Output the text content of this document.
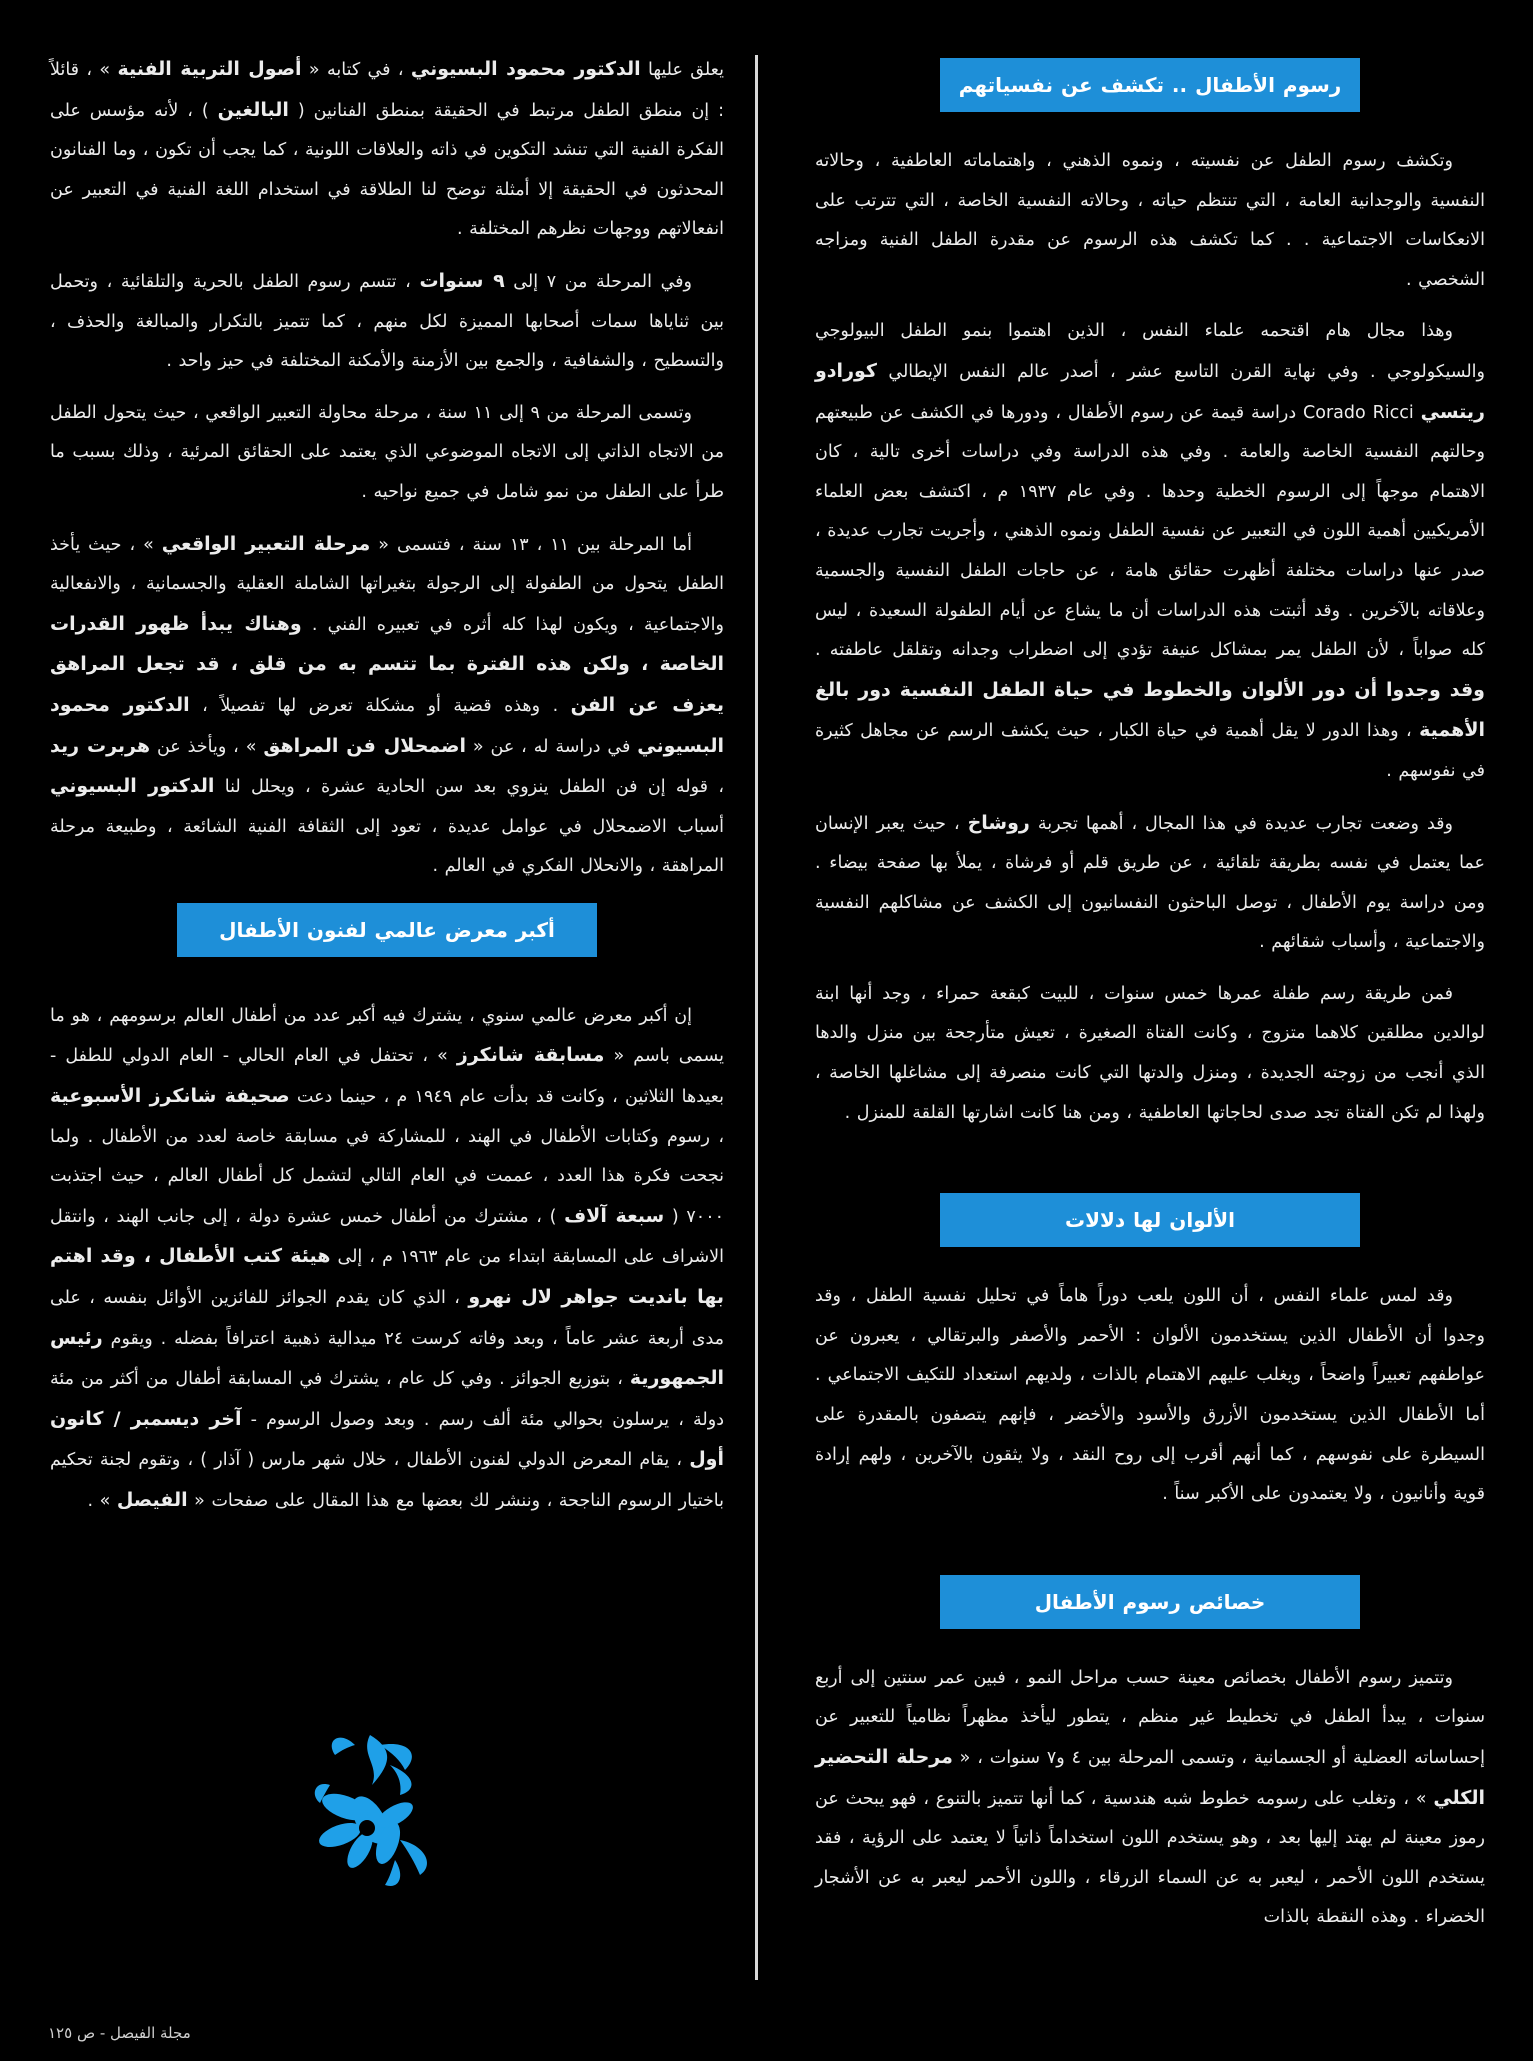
رسوم الأطفال .. تكشف عن نفسياتهم

وتكشف رسوم الطفل عن نفسيته ، ونموه الذهني ، واهتماماته العاطفية ، وحالاته النفسية والوجدانية العامة ، التي تنتظم حياته ، وحالاته النفسية الخاصة ، التي تترتب على الانعكاسات الاجتماعية . . كما تكشف هذه الرسوم عن مقدرة الطفل الفنية ومزاجه الشخصي .

وهذا مجال هام اقتحمه علماء النفس ، الذين اهتموا بنمو الطفل البيولوجي والسيكولوجي . وفي نهاية القرن التاسع عشر ، أصدر عالم النفس الإيطالي كورادو ريتسي Corado Ricci دراسة قيمة عن رسوم الأطفال ، ودورها في الكشف عن طبيعتهم وحالتهم النفسية الخاصة والعامة . وفي هذه الدراسة وفي دراسات أخرى تالية ، كان الاهتمام موجهاً إلى الرسوم الخطية وحدها . وفي عام ١٩٣٧ م ، اكتشف بعض العلماء الأمريكيين أهمية اللون في التعبير عن نفسية الطفل ونموه الذهني ، وأجريت تجارب عديدة ، صدر عنها دراسات مختلفة أظهرت حقائق هامة ، عن حاجات الطفل النفسية والجسمية وعلاقاته بالآخرين . وقد أثبتت هذه الدراسات أن ما يشاع عن أيام الطفولة السعيدة ، ليس كله صواباً ، لأن الطفل يمر بمشاكل عنيفة تؤدي إلى اضطراب وجدانه وتقلقل عاطفته . وقد وجدوا أن دور الألوان والخطوط في حياة الطفل النفسية دور بالغ الأهمية ، وهذا الدور لا يقل أهمية في حياة الكبار ، حيث يكشف الرسم عن مجاهل كثيرة في نفوسهم .

وقد وضعت تجارب عديدة في هذا المجال ، أهمها تجربة روشاخ ، حيث يعبر الإنسان عما يعتمل في نفسه بطريقة تلقائية ، عن طريق قلم أو فرشاة ، يملأ بها صفحة بيضاء . ومن دراسة يوم الأطفال ، توصل الباحثون النفسانيون إلى الكشف عن مشاكلهم النفسية والاجتماعية ، وأسباب شقائهم .

فمن طريقة رسم طفلة عمرها خمس سنوات ، للبيت كبقعة حمراء ، وجد أنها ابنة لوالدين مطلقين كلاهما متزوج ، وكانت الفتاة الصغيرة ، تعيش متأرجحة بين منزل والدها الذي أنجب من زوجته الجديدة ، ومنزل والدتها التي كانت منصرفة إلى مشاغلها الخاصة ، ولهذا لم تكن الفتاة تجد صدى لحاجاتها العاطفية ، ومن هنا كانت اشارتها القلقة للمنزل .

الألوان لها دلالات

وقد لمس علماء النفس ، أن اللون يلعب دوراً هاماً في تحليل نفسية الطفل ، وقد وجدوا أن الأطفال الذين يستخدمون الألوان : الأحمر والأصفر والبرتقالي ، يعبرون عن عواطفهم تعبيراً واضحاً ، ويغلب عليهم الاهتمام بالذات ، ولديهم استعداد للتكيف الاجتماعي . أما الأطفال الذين يستخدمون الأزرق والأسود والأخضر ، فإنهم يتصفون بالمقدرة على السيطرة على نفوسهم ، كما أنهم أقرب إلى روح النقد ، ولا يثقون بالآخرين ، ولهم إرادة قوية وأنانيون ، ولا يعتمدون على الأكبر سناً .

خصائص رسوم الأطفال

وتتميز رسوم الأطفال بخصائص معينة حسب مراحل النمو ، فبين عمر سنتين إلى أربع سنوات ، يبدأ الطفل في تخطيط غير منظم ، يتطور ليأخذ مظهراً نظامياً للتعبير عن إحساساته العضلية أو الجسمانية ، وتسمى المرحلة بين ٤ و٧ سنوات ، « مرحلة التحضير الكلي » ، وتغلب على رسومه خطوط شبه هندسية ، كما أنها تتميز بالتنوع ، فهو يبحث عن رموز معينة لم يهتد إليها بعد ، وهو يستخدم اللون استخداماً ذاتياً لا يعتمد على الرؤية ، فقد يستخدم اللون الأحمر ، ليعبر به عن السماء الزرقاء ، واللون الأحمر ليعبر به عن الأشجار الخضراء . وهذه النقطة بالذات

يعلق عليها الدكتور محمود البسيوني ، في كتابه « أصول التربية الفنية » ، قائلاً : إن منطق الطفل مرتبط في الحقيقة بمنطق الفنانين ( البالغين ) ، لأنه مؤسس على الفكرة الفنية التي تنشد التكوين في ذاته والعلاقات اللونية ، كما يجب أن تكون ، وما الفنانون المحدثون في الحقيقة إلا أمثلة توضح لنا الطلاقة في استخدام اللغة الفنية في التعبير عن انفعالاتهم ووجهات نظرهم المختلفة .

وفي المرحلة من ٧ إلى ٩ سنوات ، تتسم رسوم الطفل بالحرية والتلقائية ، وتحمل بين ثناياها سمات أصحابها المميزة لكل منهم ، كما تتميز بالتكرار والمبالغة والحذف ، والتسطيح ، والشفافية ، والجمع بين الأزمنة والأمكنة المختلفة في حيز واحد .

وتسمى المرحلة من ٩ إلى ١١ سنة ، مرحلة محاولة التعبير الواقعي ، حيث يتحول الطفل من الاتجاه الذاتي إلى الاتجاه الموضوعي الذي يعتمد على الحقائق المرئية ، وذلك بسبب ما طرأ على الطفل من نمو شامل في جميع نواحيه .

أما المرحلة بين ١١ ، ١٣ سنة ، فتسمى « مرحلة التعبير الواقعي » ، حيث يأخذ الطفل يتحول من الطفولة إلى الرجولة بتغيراتها الشاملة العقلية والجسمانية ، والانفعالية والاجتماعية ، ويكون لهذا كله أثره في تعبيره الفني . وهناك يبدأ ظهور القدرات الخاصة ، ولكن هذه الفترة بما تتسم به من قلق ، قد تجعل المراهق يعزف عن الفن . وهذه قضية أو مشكلة تعرض لها تفصيلاً ، الدكتور محمود البسيوني في دراسة له ، عن « اضمحلال فن المراهق » ، ويأخذ عن هربرت ريد ، قوله إن فن الطفل ينزوي بعد سن الحادية عشرة ، ويحلل لنا الدكتور البسيوني أسباب الاضمحلال في عوامل عديدة ، تعود إلى الثقافة الفنية الشائعة ، وطبيعة مرحلة المراهقة ، والانحلال الفكري في العالم .

أكبر معرض عالمي لفنون الأطفال

إن أكبر معرض عالمي سنوي ، يشترك فيه أكبر عدد من أطفال العالم برسومهم ، هو ما يسمى باسم « مسابقة شانكرز » ، تحتفل في العام الحالي - العام الدولي للطفل - بعيدها الثلاثين ، وكانت قد بدأت عام ١٩٤٩ م ، حينما دعت صحيفة شانكرز الأسبوعية ، رسوم وكتابات الأطفال في الهند ، للمشاركة في مسابقة خاصة لعدد من الأطفال . ولما نجحت فكرة هذا العدد ، عممت في العام التالي لتشمل كل أطفال العالم ، حيث اجتذبت ٧٠٠٠ ( سبعة آلاف ) ، مشترك من أطفال خمس عشرة دولة ، إلى جانب الهند ، وانتقل الاشراف على المسابقة ابتداء من عام ١٩٦٣ م ، إلى هيئة كتب الأطفال ، وقد اهتم بها بانديت جواهر لال نهرو ، الذي كان يقدم الجوائز للفائزين الأوائل بنفسه ، على مدى أربعة عشر عاماً ، وبعد وفاته كرست ٢٤ ميدالية ذهبية اعترافاً بفضله . ويقوم رئيس الجمهورية ، بتوزيع الجوائز . وفي كل عام ، يشترك في المسابقة أطفال من أكثر من مئة دولة ، يرسلون بحوالي مئة ألف رسم . وبعد وصول الرسوم - آخر ديسمبر / كانون أول ، يقام المعرض الدولي لفنون الأطفال ، خلال شهر مارس ( آذار ) ، وتقوم لجنة تحكيم باختيار الرسوم الناجحة ، وننشر لك بعضها مع هذا المقال على صفحات « الفيصل » .

مجلة الفيصل - ص ١٢٥
